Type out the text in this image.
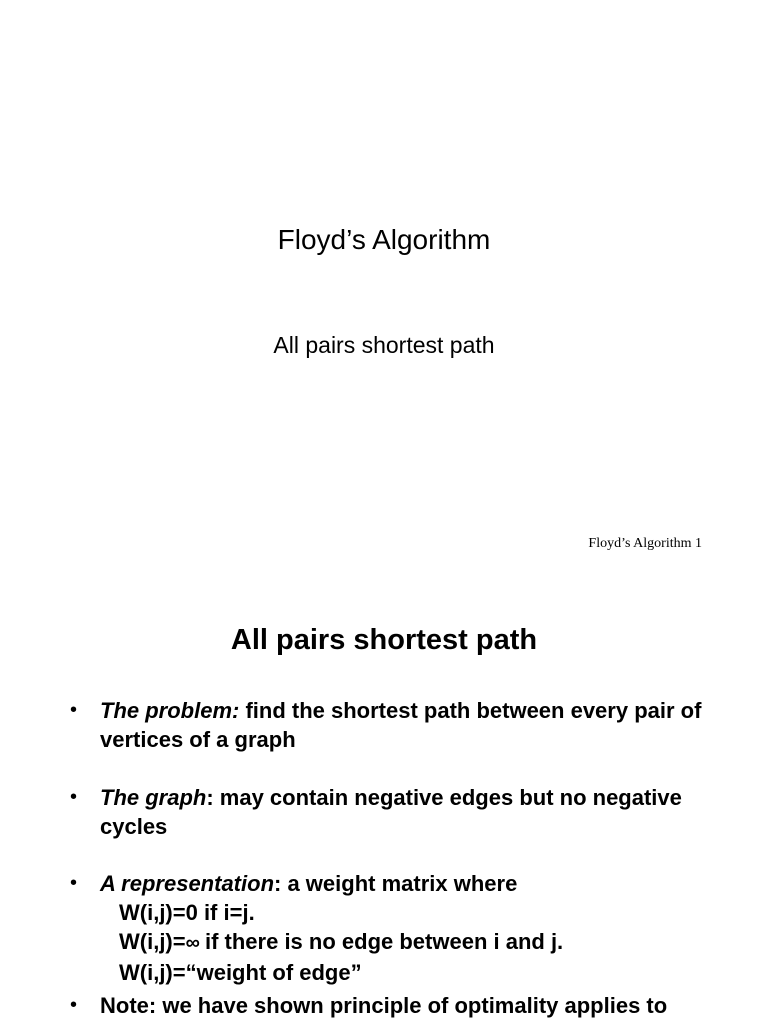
Floyd’s Algorithm
All pairs shortest path
Floyd’s Algorithm 1
All pairs shortest path
• The problem: find the shortest path between every pair of vertices of a graph
• The graph: may contain negative edges but no negative cycles
• A representation: a weight matrix where
W(i,j)=0 if i=j.
W(i,j)=∞ if there is no edge between i and j.
W(i,j)=“weight of edge”
• Note: we have shown principle of optimality applies to
